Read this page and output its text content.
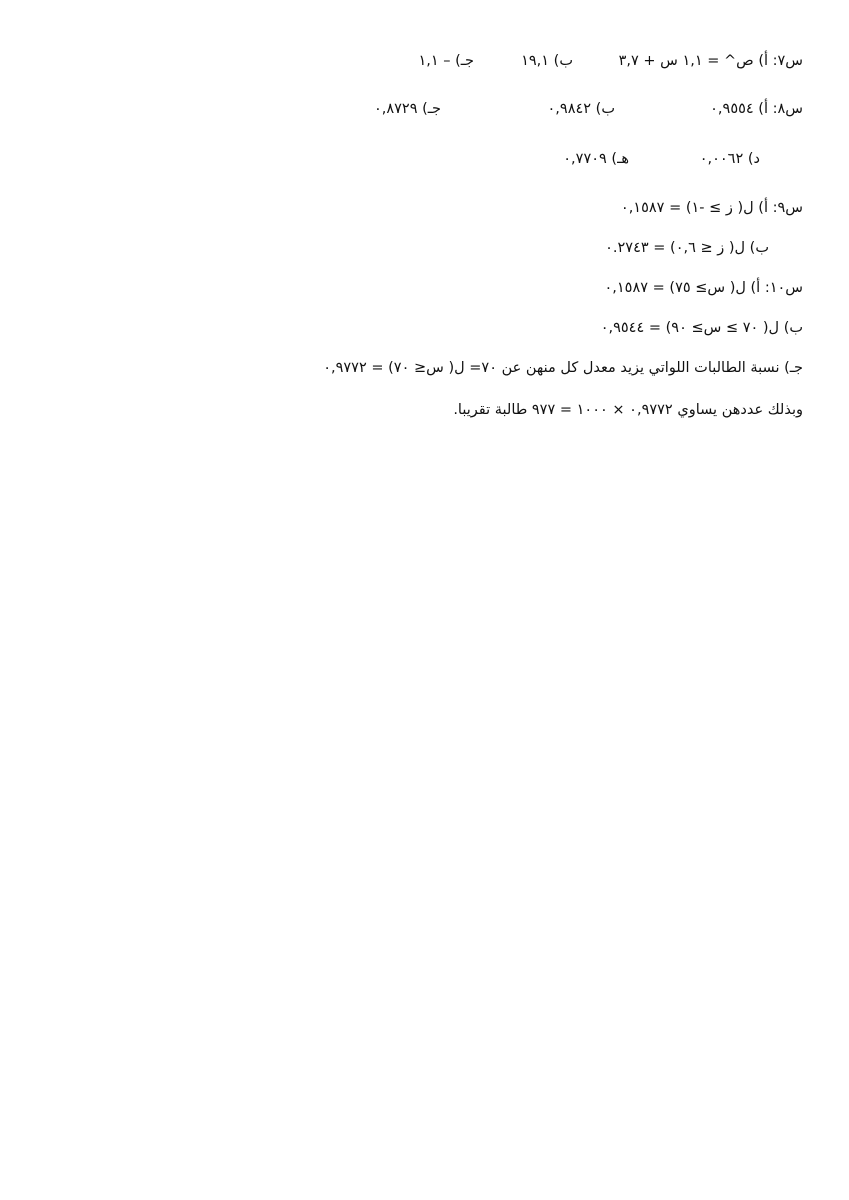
س٧: أ) ص^ = ١,١ س + ٣,٧
ب) ١٩,١
جـ) – ١,١
س٨: أ) ٠,٩٥٥٤
ب) ٠,٩٨٤٢
جـ) ٠,٨٧٢٩
د) ٠,٠٠٦٢
هـ) ٠,٧٧٠٩
س٩: أ) ل( ز ≥ -١) = ٠,١٥٨٧
ب) ل( ز ≤ ٠,٦) = ٠.٢٧٤٣
س١٠: أ) ل( س≥ ٧٥) = ٠,١٥٨٧
ب) ل( ٧٠ ≥ س≥ ٩٠) = ٠,٩٥٤٤
جـ) نسبة الطالبات اللواتي يزيد معدل كل منهن عن ٧٠= ل( س≤ ٧٠) = ٠,٩٧٧٢
وبذلك عددهن يساوي ٠,٩٧٧٢ × ١٠٠٠ = ٩٧٧ طالبة تقريبا.
